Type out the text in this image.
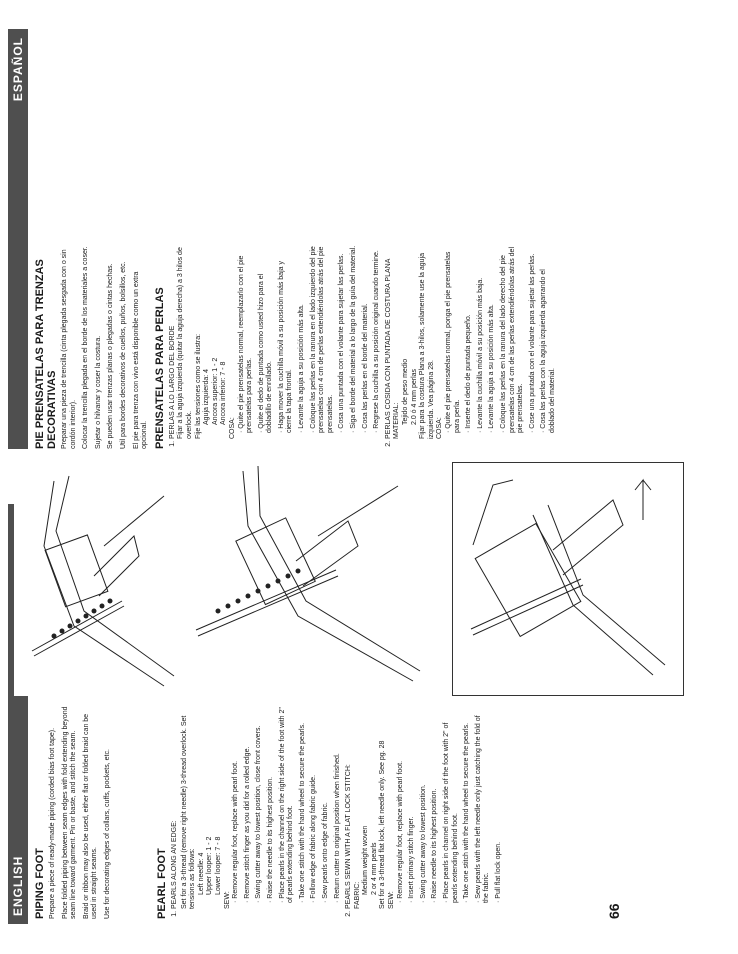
ENGLISH
ESPAÑOL
PIPING FOOT Prepare a piece of ready-made piping (corded bias foot tape). Place folded piping between seam edges with fold extending beyond seam line toward garment. Pin or baste, and stitch the seam. Braid or ribbon may also be used, either flat or folded braid can be used in straight seams. Use for decorating edges of collars, cuffs, pockets, etc.	PEARL FOOT 1. PEARLS ALONG AN EDGE: Set for a 3-thread (remove right needle) 3-thread overlock. Set tensions as follows: Left needle: 4 Upper looper: 1 - 2 Lower looper: 7 - 8
SEW:
· Remove regular foot, replace with pearl foot. · Remove stitch finger as you did for a rolled edge. · Swing cutter away to lowest position, close front covers. · Raise the needle to its highest position. · Place pearls in the channel on the right side of the foot with 2" of pearls extending behind foot. · Take one stitch with the hand wheel to secure the pearls. · Follow edge of fabric along fabric guide. · Sew pearls onto edge of fabric. · Return cutter to original position when finished. 2. PEARLS SEWN WITH A FLAT LOCK STITCH: FABRIC:
Medium weight woven 2 or 4 mm pearls Set for a 3-thread flat lock, left needle only. See pg. 28 SEW:
· Remove regular foot, replace with pearl foot. · Insert primary stitch finger. · Swing cutter away to lowest position. · Raise needle to its highest position. · Place pearls in channel on right side of the foot with 2" of pearls extending behind foot. · Take one stitch with the hand wheel to secure the pearls. · Sew pearls with the left needle only just catching the fold of the fabric. · Pull flat lock open.
66
PIE PRENSATELAS PARA TRENZAS DECORATIVAS Preparar una pieza de trencilla (cinta plegada sesgada con o sin cordón interior). Colocar la trencilla plegada en el borde de los materiales a coser. Sujetar o hilvanar y coser la costura. Se pueden usar trenzas planas o plegadas o cintas hechas. Util para bordes decorativos de cuellos, puños, bolsillos, etc. El pie para trenza con vivo está disponible como un extra opcional. PRENSATELAS PARA PERLAS 1. PERLAS A LO LARGO DEL BORDE Fijar a la aguja izquierda (quitar la aguja derecha) a 3 hilos de overlock. Fije las tensiones como se ilustra: Aguja izquierda: 4 Ancora superior: 1 - 2 Ancora inferior: 7 - 8
COSA: · Quite el pie prensatelas normal, reemplazarlo con el pie prensatelas para perlas. · Quite el dedo de puntada como usted hizo para el dobladillo de enrollado. · Haga mover la cuchilla móvil a su posición más baja y cierre la tapa frontal. · Levante la aguja a su posición más alta. · Coloque las perlas en la ranura en el lado izquierdo del pie prensatelas con 4 cm de perlas extendiéndolas atrás del pie prensatelas. · Cosa una puntada con el volante para sujetar las perlas. · Siga el borde del material a lo largo de la guía del material. · Cosa las perlas en el borde del material. · Regrese la cuchilla a su posición original cuando termine. 2. PERLAS COSIDA CON PUNTADA DE COSTURA PLANA MATERIAL: Tejido de peso medio 2.0 ó 4 mm perlas Fijar para la costura Plana a 3-hilos, solamente use la aguja izquierda. Vea página 28. COSA: · Quite el pie prensatelas normal, ponga el pie prensatelas para perla. · Inserte el dedo de puntada pequeño. · Levante la cuchilla móvil a su posición más baja. · Levante la aguja a su posición más alta. · Coloque las perlas en la ranura del lado derecho del pie prensatelas con 4 cm de las perlas extendiéndolas atrás del pie prensatelas. · Cose una puntada con el volante para sujetar las perlas. · Cosa las perlas con la aguja izquierda agarrando el doblado del material.
